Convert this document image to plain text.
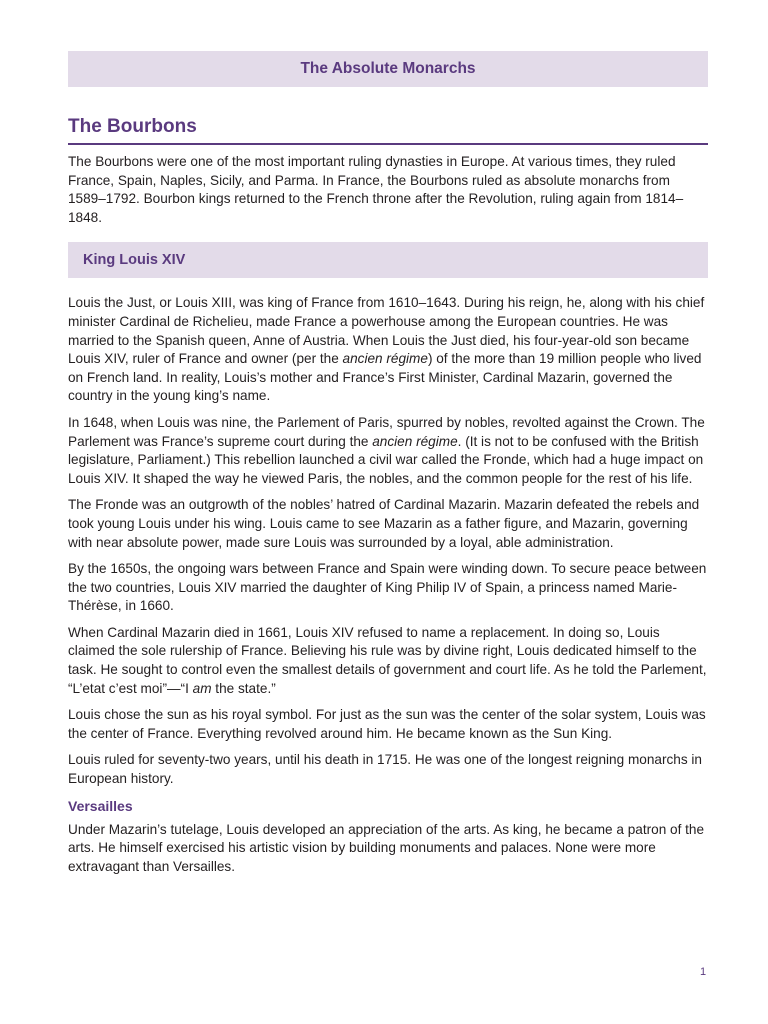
The Absolute Monarchs
The Bourbons

The Bourbons were one of the most important ruling dynasties in Europe. At various times, they ruled France, Spain, Naples, Sicily, and Parma. In France, the Bourbons ruled as absolute monarchs from 1589–1792. Bourbon kings returned to the French throne after the Revolution, ruling again from 1814–1848.

King Louis XIV

Louis the Just, or Louis XIII, was king of France from 1610–1643. During his reign, he, along with his chief minister Cardinal de Richelieu, made France a powerhouse among the European countries. He was married to the Spanish queen, Anne of Austria. When Louis the Just died, his four-year-old son became Louis XIV, ruler of France and owner (per the ancien régime) of the more than 19 million people who lived on French land. In reality, Louis’s mother and France’s First Minister, Cardinal Mazarin, governed the country in the young king’s name.

In 1648, when Louis was nine, the Parlement of Paris, spurred by nobles, revolted against the Crown. The Parlement was France’s supreme court during the ancien régime. (It is not to be confused with the British legislature, Parliament.) This rebellion launched a civil war called the Fronde, which had a huge impact on Louis XIV. It shaped the way he viewed Paris, the nobles, and the common people for the rest of his life.

The Fronde was an outgrowth of the nobles’ hatred of Cardinal Mazarin. Mazarin defeated the rebels and took young Louis under his wing. Louis came to see Mazarin as a father figure, and Mazarin, governing with near absolute power, made sure Louis was surrounded by a loyal, able administration.

By the 1650s, the ongoing wars between France and Spain were winding down. To secure peace between the two countries, Louis XIV married the daughter of King Philip IV of Spain, a princess named Marie-Thérèse, in 1660.

When Cardinal Mazarin died in 1661, Louis XIV refused to name a replacement. In doing so, Louis claimed the sole rulership of France. Believing his rule was by divine right, Louis dedicated himself to the task. He sought to control even the smallest details of government and court life. As he told the Parlement, “L’etat c’est moi”—“I am the state.”

Louis chose the sun as his royal symbol. For just as the sun was the center of the solar system, Louis was the center of France. Everything revolved around him. He became known as the Sun King.

Louis ruled for seventy-two years, until his death in 1715. He was one of the longest reigning monarchs in European history.

Versailles

Under Mazarin’s tutelage, Louis developed an appreciation of the arts. As king, he became a patron of the arts. He himself exercised his artistic vision by building monuments and palaces. None were more extravagant than Versailles.

1
